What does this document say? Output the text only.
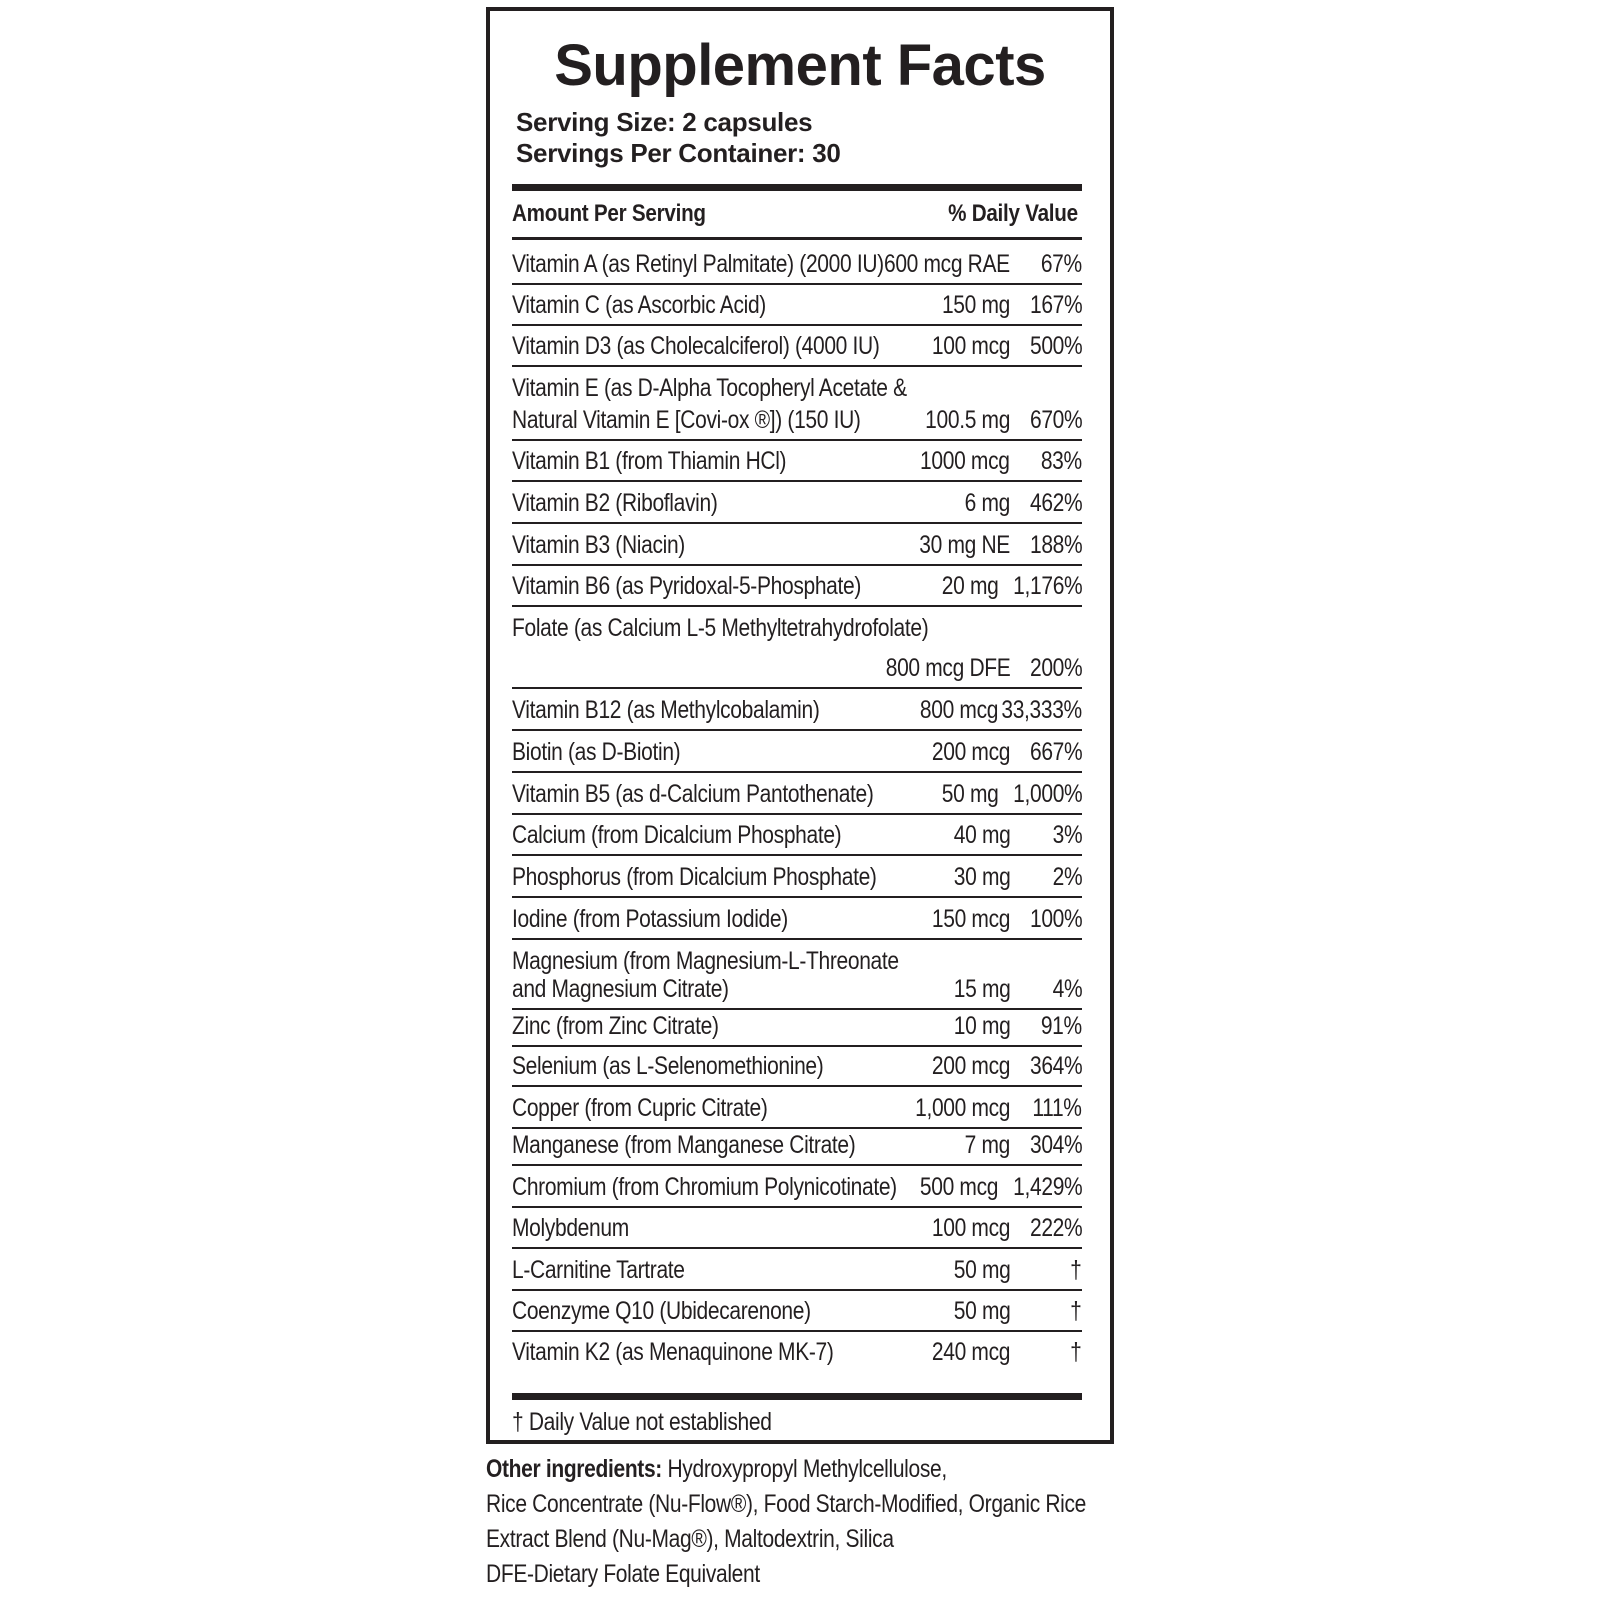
Supplement Facts
Serving Size: 2 capsules
Servings Per Container: 30
Amount Per Serving	% Daily Value
Vitamin A (as Retinyl Palmitate) (2000 IU) 600 mcg RAE 67%
Vitamin C (as Ascorbic Acid)	150 mg 167%
Vitamin D3 (as Cholecalciferol) (4000 IU) 100 mcg 500%
Vitamin E (as D-Alpha Tocopheryl Acetate &
Natural Vitamin E [Covi-ox ®]) (150 IU)	100.5 mg 670%
Vitamin B1 (from Thiamin HCl)	1000 mcg 83%
Vitamin B2 (Riboflavin)	6 mg 462%
Vitamin B3 (Niacin)	30 mg NE 188%
Vitamin B6 (as Pyridoxal-5-Phosphate)	20 mg 1,176%
Folate (as Calcium L-5 Methyltetrahydrofolate)
800 mcg DFE 200%
Vitamin B12 (as Methylcobalamin)	800 mcg 33,333%
Biotin (as D-Biotin)	200 mcg 667%
Vitamin B5 (as d-Calcium Pantothenate)	50 mg 1,000%
Calcium (from Dicalcium Phosphate)	40 mg 3%
Phosphorus (from Dicalcium Phosphate)	30 mg 2%
Iodine (from Potassium Iodide)	150 mcg 100%
Magnesium (from Magnesium-L-Threonate
and Magnesium Citrate)	15 mg 4%
Zinc (from Zinc Citrate)	10 mg 91%
Selenium (as L-Selenomethionine)	200 mcg 364%
Copper (from Cupric Citrate)	1,000 mcg 111%
Manganese (from Manganese Citrate)	7 mg 304%
Chromium (from Chromium Polynicotinate) 500 mcg 1,429%
Molybdenum	100 mcg 222%
L-Carnitine Tartrate	50 mg †
Coenzyme Q10 (Ubidecarenone)	50 mg †
Vitamin K2 (as Menaquinone MK-7)	240 mcg †
† Daily Value not established
Other ingredients: Hydroxypropyl Methylcellulose,
Rice Concentrate (Nu-Flow®), Food Starch-Modified, Organic Rice
Extract Blend (Nu-Mag®), Maltodextrin, Silica
DFE-Dietary Folate Equivalent
